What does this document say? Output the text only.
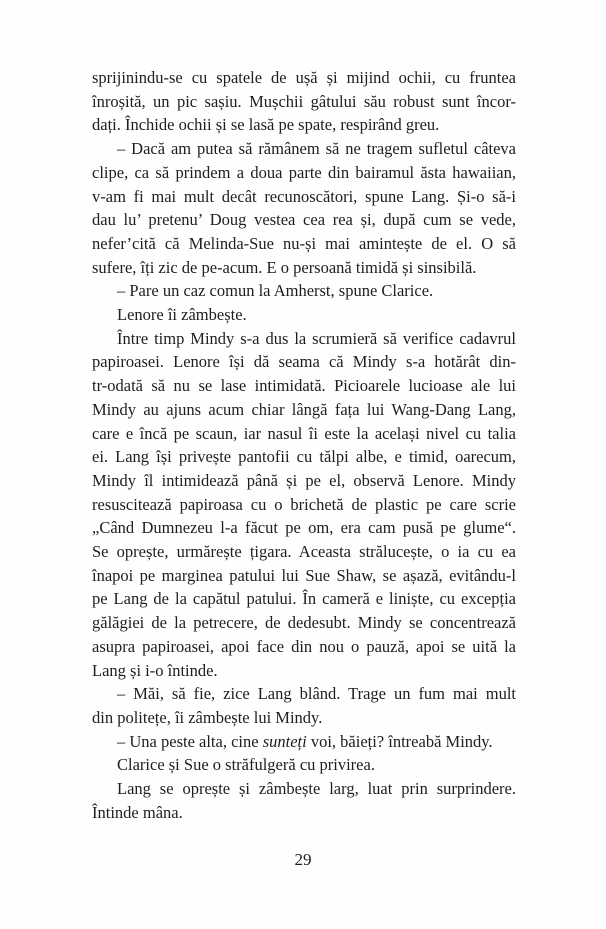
sprijinindu-se cu spatele de ușă și mijind ochii, cu fruntea
înroșită, un pic sașiu. Mușchii gâtului său robust sunt încor-
dați. Închide ochii și se lasă pe spate, respirând greu.
– Dacă am putea să rămânem să ne tragem sufletul câteva
clipe, ca să prindem a doua parte din bairamul ăsta hawaiian,
v-am fi mai mult decât recunoscători, spune Lang. Și-o să-i
dau lu’ pretenu’ Doug vestea cea rea și, după cum se vede,
nefer’cită că Melinda-Sue nu-și mai amintește de el. O să
sufere, îți zic de pe-acum. E o persoană timidă și sinsibilă.
– Pare un caz comun la Amherst, spune Clarice.
Lenore îi zâmbește.
Între timp Mindy s-a dus la scrumieră să verifice cadavrul
papiroasei. Lenore își dă seama că Mindy s-a hotărât din-
tr-odată să nu se lase intimidată. Picioarele lucioase ale lui
Mindy au ajuns acum chiar lângă fața lui Wang-Dang Lang,
care e încă pe scaun, iar nasul îi este la același nivel cu talia
ei. Lang își privește pantofii cu tălpi albe, e timid, oarecum,
Mindy îl intimidează până și pe el, observă Lenore. Mindy
resuscitează papiroasa cu o brichetă de plastic pe care scrie
„Când Dumnezeu l-a făcut pe om, era cam pusă pe glume“.
Se oprește, urmărește țigara. Aceasta strălucește, o ia cu ea
înapoi pe marginea patului lui Sue Shaw, se așază, evitându-l
pe Lang de la capătul patului. În cameră e liniște, cu excepția
gălăgiei de la petrecere, de dedesubt. Mindy se concentrează
asupra papiroasei, apoi face din nou o pauză, apoi se uită la
Lang și i-o întinde.
– Măi, să fie, zice Lang blând. Trage un fum mai mult
din politețe, îi zâmbește lui Mindy.
– Una peste alta, cine sunteți voi, băieți? întreabă Mindy.
Clarice și Sue o străfulgeră cu privirea.
Lang se oprește și zâmbește larg, luat prin surprindere.
Întinde mâna.
29
